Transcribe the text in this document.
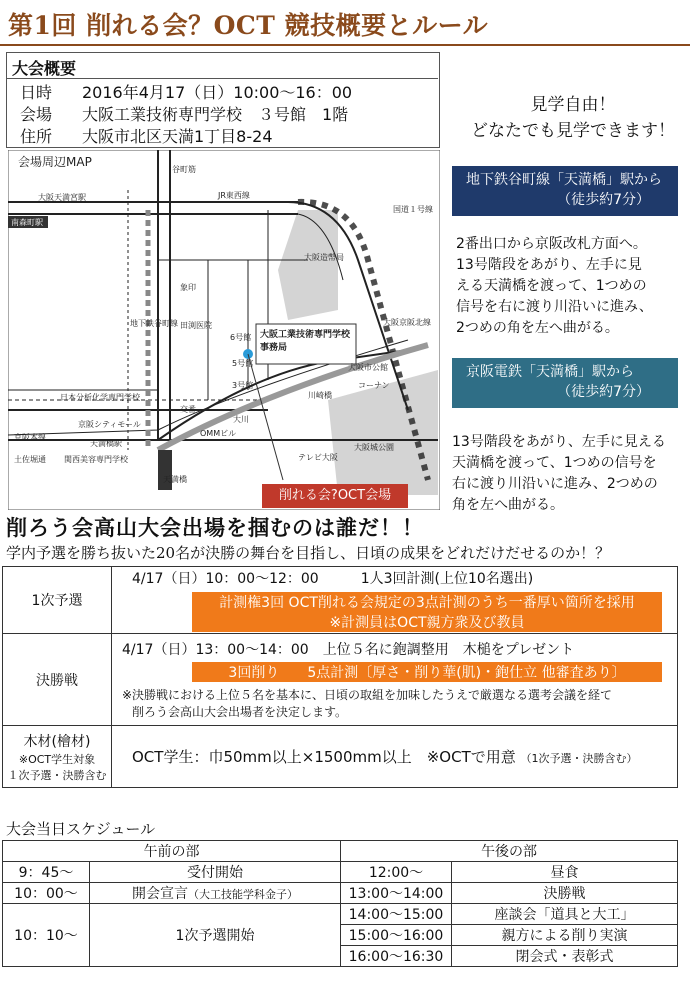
第1回 削れる会？OCT 競技概要とルール
大会概要
日時 2016年4月17（日）10:00〜16：00
会場 大阪工業技術専門学校　３号館　1階
住所 大阪市北区天満1丁目8-24
見学自由！
どなたでも見学できます！
地下鉄谷町線「天満橋」駅から
（徒歩約7分）
2番出口から京阪改札方面へ。
13号階段をあがり、左手に見
える天満橋を渡って、1つめの
信号を右に渡り川沿いに進み、
2つめの角を左へ曲がる。
京阪電鉄「天満橋」駅から
（徒歩約7分）
13号階段をあがり、左手に見える
天満橋を渡って、1つめの信号を
右に渡り川沿いに進み、2つめの
角を左へ曲がる。
会場周辺MAP
谷町筋
大阪天満宮駅	JR東西線
国道１号線
南森町駅
大阪造幣局
大阪京阪北線
象印
田渕医院
6号館
5号館
3号館
地下鉄谷町線
大阪市公館
川崎橋
コーナン
日本分析化学専門学校
京阪シティモール
交番
大川
OMMビル
京阪本線
天満橋駅
天満橋
テレビ大阪
土佐堀通 関西美容専門学校
大阪城公園
大阪工業技術専門学校
事務局
削れる会?OCT会場
削ろう会高山大会出場を掴むのは誰だ！！
学内予選を勝ち抜いた20名が決勝の舞台を目指し、日頃の成果をどれだけだせるのか！？
1次予選	4/17（日）10：00〜12：00　　　1人3回計測(上位10名選出)
計測権3回 OCT削れる会規定の3点計測のうち一番厚い箇所を採用
※計測員はOCT親方衆及び教員

決勝戦	4/17（日）13：00〜14：00　上位５名に鉋調整用　木槌をプレゼント
3回削り　　5点計測〔厚さ・削り華(肌)・鉋仕立 他審査あり〕
※決勝戦における上位５名を基本に、日頃の取組を加味したうえで厳選なる選考会議を経て
削ろう会高山大会出場者を決定します。

木材(檜材)
※OCT学生対象
１次予選・決勝含む	OCT学生：巾50mm以上×1500mm以上　※OCTで用意 （1次予選・決勝含む）
大会当日スケジュール
午前の部		午後の部	
9：45〜	受付開始	12:00〜	昼食
10：00〜	開会宣言（大工技能学科金子）	13:00〜14:00	決勝戦
10：10〜	1次予選開始	14:00〜15:00	座談会「道具と大工」
		15:00〜16:00	親方による削り実演
		16:00〜16:30	閉会式・表彰式
